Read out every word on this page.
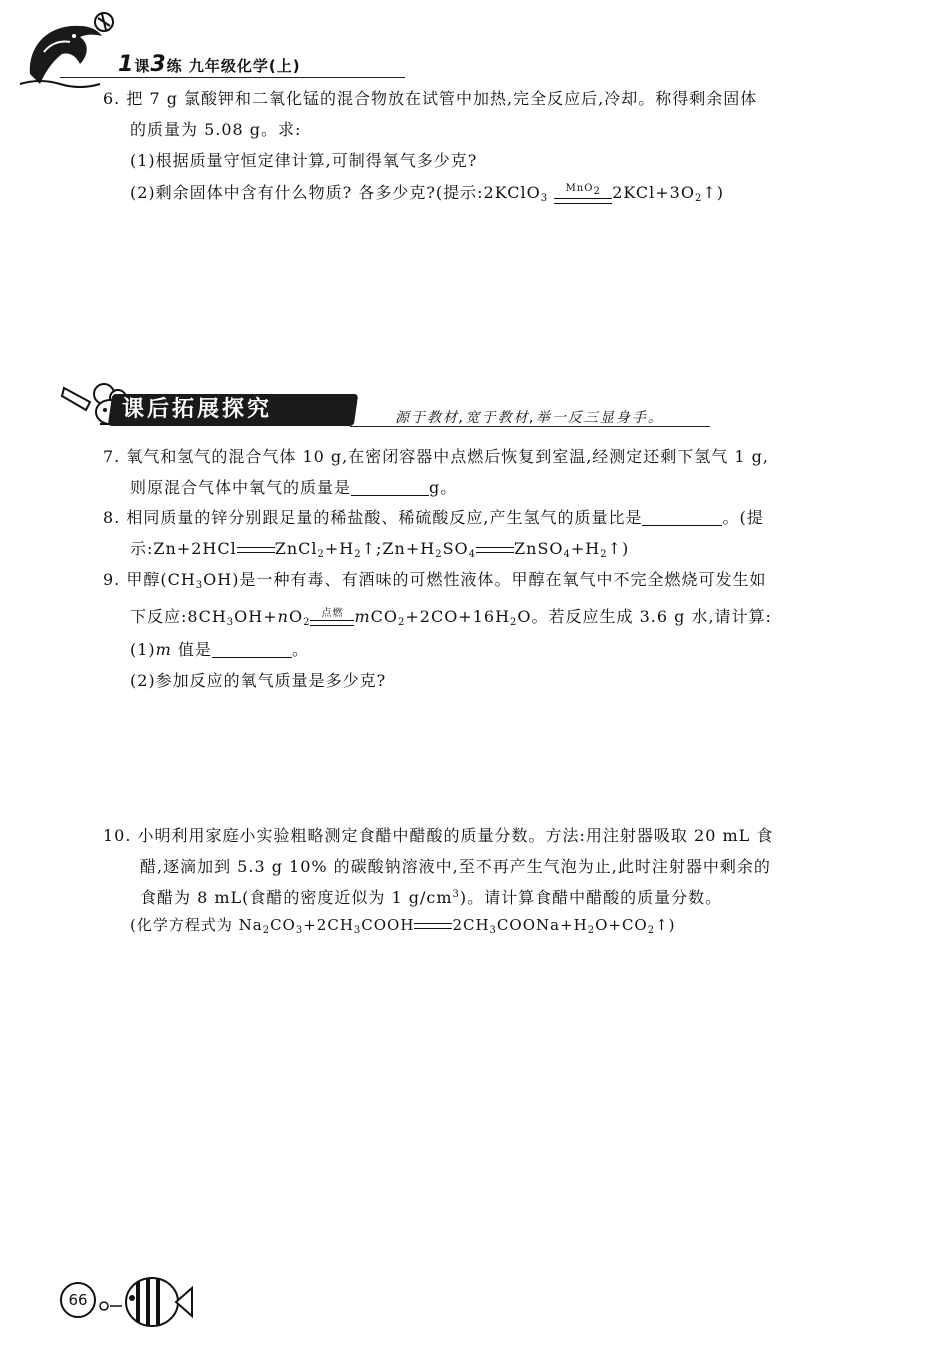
1课3练 九年级化学(上)
6. 把 7 g 氯酸钾和二氧化锰的混合物放在试管中加热,完全反应后,冷却。称得剩余固体
的质量为 5.08 g。求:
(1)根据质量守恒定律计算,可制得氧气多少克?
(2)剩余固体中含有什么物质? 各多少克?(提示:2KClO$_3$
MnO$_2$ $2KCl+3O_2↑$)
课后拓展探究	源于教材,宽于教材,举一反三显身手。
7. 氧气和氢气的混合气体 10 g,在密闭容器中点燃后恢复到室温,经测定还剩下氢气 1 g,
则原混合气体中氧气的质量是	g。
8. 相同质量的锌分别跟足量的稀盐酸、稀硫酸反应,产生氢气的质量比是	。(提
示:Zn+2HCl $ZnCl_2+H_2↑;Zn+H_2SO_4$ $ZnSO_4+H_2↑$)
9. 甲醇$(CH_3OH)$是一种有毒、有酒味的可燃性液体。甲醇在氧气中不完全燃烧可发生如
下反应$:8CH_3OH+nO_2$
点燃 $mCO_2+2CO+16H_2O$。若反应生成 3.6 g 水,请计算:
(1)m 值是	。
(2)参加反应的氧气质量是多少克?
10. 小明利用家庭小实验粗略测定食醋中醋酸的质量分数。方法:用注射器吸取 20 mL 食
醋,逐滴加到 5.3 g 10% 的碳酸钠溶液中,至不再产生气泡为止,此时注射器中剩余的
食醋为 8 mL(食醋的密度近似为 1 $g/cm^3$)。请计算食醋中醋酸的质量分数。
(化学方程式为 $Na_2CO_3+2CH_3COOH$	$2CH_3COONa+H_2O+CO_2↑$)
66
